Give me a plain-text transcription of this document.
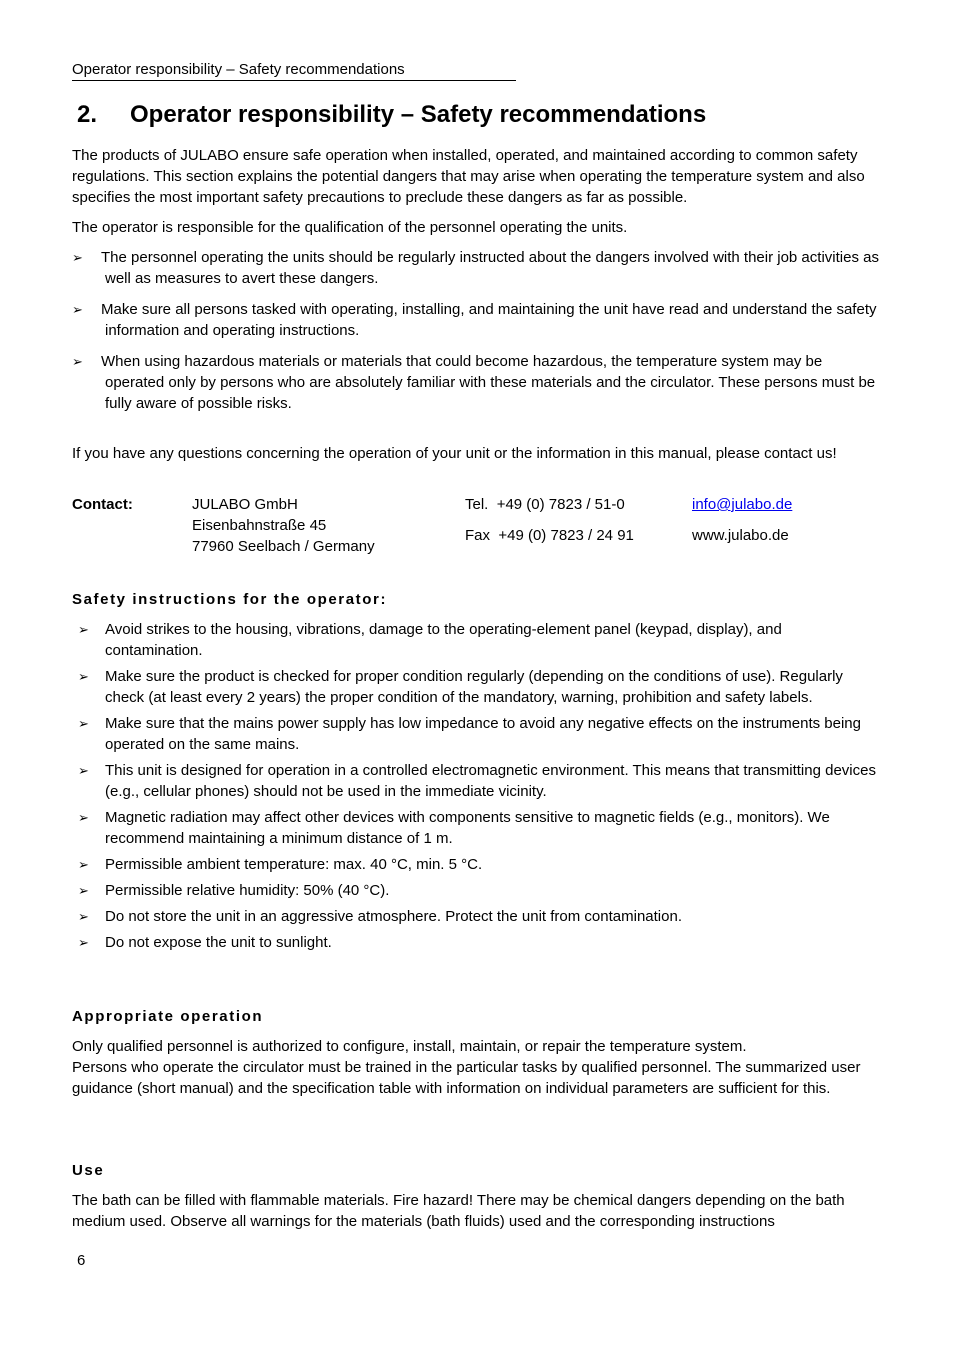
Operator responsibility – Safety recommendations
2. Operator responsibility – Safety recommendations

The products of JULABO ensure safe operation when installed, operated, and maintained according to common safety regulations. This section explains the potential dangers that may arise when operating the temperature system and also specifies the most important safety precautions to preclude these dangers as far as possible.

The operator is responsible for the qualification of the personnel operating the units.

➢ The personnel operating the units should be regularly instructed about the dangers involved with their job activities as well as measures to avert these dangers.
➢ Make sure all persons tasked with operating, installing, and maintaining the unit have read and understand the safety information and operating instructions.
➢ When using hazardous materials or materials that could become hazardous, the temperature system may be operated only by persons who are absolutely familiar with these materials and the circulator. These persons must be fully aware of possible risks.

If you have any questions concerning the operation of your unit or the information in this manual, please contact us!

Contact:	JULABO GmbH
Eisenbahnstraße 45
77960 Seelbach / Germany
Tel. +49 (0) 7823 / 51-0
Fax +49 (0) 7823 / 24 91
info@julabo.de
www.julabo.de
Safety instructions for the operator:
➢ Avoid strikes to the housing, vibrations, damage to the operating-element panel (keypad, display), and contamination.
➢ Make sure the product is checked for proper condition regularly (depending on the conditions of use). Regularly check (at least every 2 years) the proper condition of the mandatory, warning, prohibition and safety labels.
➢ Make sure that the mains power supply has low impedance to avoid any negative effects on the instruments being operated on the same mains.
➢ This unit is designed for operation in a controlled electromagnetic environment. This means that transmitting devices (e.g., cellular phones) should not be used in the immediate vicinity.
➢ Magnetic radiation may affect other devices with components sensitive to magnetic fields (e.g., monitors). We recommend maintaining a minimum distance of 1 m.
➢ Permissible ambient temperature: max. 40 °C, min. 5 °C.
➢ Permissible relative humidity: 50% (40 °C).
➢ Do not store the unit in an aggressive atmosphere. Protect the unit from contamination.
➢ Do not expose the unit to sunlight.
Appropriate operation
Only qualified personnel is authorized to configure, install, maintain, or repair the temperature system.
Persons who operate the circulator must be trained in the particular tasks by qualified personnel. The summarized user guidance (short manual) and the specification table with information on individual parameters are sufficient for this.
Use

The bath can be filled with flammable materials. Fire hazard! There may be chemical dangers depending on the bath medium used. Observe all warnings for the materials (bath fluids) used and the corresponding instructions

6
